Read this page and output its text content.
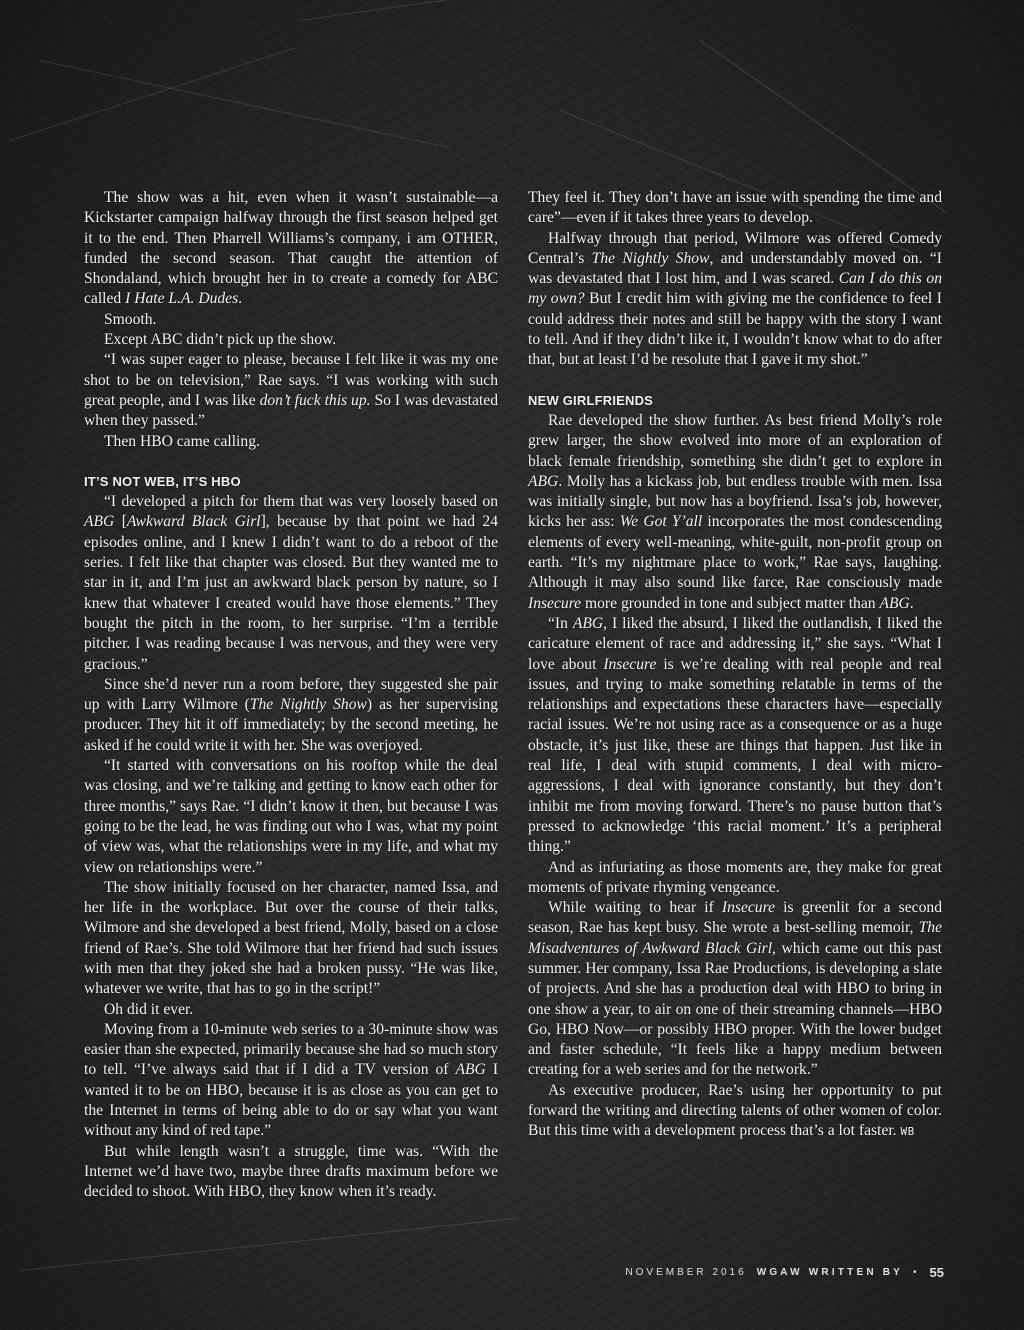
The show was a hit, even when it wasn’t sustainable—a Kickstarter campaign halfway through the first season helped get it to the end. Then Pharrell Williams’s company, i am OTHER, funded the second season. That caught the attention of Shondaland, which brought her in to create a comedy for ABC called I Hate L.A. Dudes.

Smooth.

Except ABC didn’t pick up the show.

“I was super eager to please, because I felt like it was my one shot to be on television,” Rae says. “I was working with such great people, and I was like don’t fuck this up. So I was devastated when they passed.”

Then HBO came calling.

IT’S NOT WEB, IT’S HBO

“I developed a pitch for them that was very loosely based on ABG [Awkward Black Girl], because by that point we had 24 episodes online, and I knew I didn’t want to do a reboot of the series. I felt like that chapter was closed. But they wanted me to star in it, and I’m just an awkward black person by nature, so I knew that whatever I created would have those elements.” They bought the pitch in the room, to her surprise. “I’m a terrible pitcher. I was reading because I was nervous, and they were very gracious.”

Since she’d never run a room before, they suggested she pair up with Larry Wilmore (The Nightly Show) as her supervising producer. They hit it off immediately; by the second meeting, he asked if he could write it with her. She was overjoyed.

“It started with conversations on his rooftop while the deal was closing, and we’re talking and getting to know each other for three months,” says Rae. “I didn’t know it then, but because I was going to be the lead, he was finding out who I was, what my point of view was, what the relationships were in my life, and what my view on relationships were.”

The show initially focused on her character, named Issa, and her life in the workplace. But over the course of their talks, Wilmore and she developed a best friend, Molly, based on a close friend of Rae’s. She told Wilmore that her friend had such issues with men that they joked she had a broken pussy. “He was like, whatever we write, that has to go in the script!”

Oh did it ever.

Moving from a 10-minute web series to a 30-minute show was easier than she expected, primarily because she had so much story to tell. “I’ve always said that if I did a TV version of ABG I wanted it to be on HBO, because it is as close as you can get to the Internet in terms of being able to do or say what you want without any kind of red tape.”

But while length wasn’t a struggle, time was. “With the Internet we’d have two, maybe three drafts maximum before we decided to shoot. With HBO, they know when it’s ready.

They feel it. They don’t have an issue with spending the time and care”—even if it takes three years to develop.

Halfway through that period, Wilmore was offered Comedy Central’s The Nightly Show, and understandably moved on. “I was devastated that I lost him, and I was scared. Can I do this on my own? But I credit him with giving me the confidence to feel I could address their notes and still be happy with the story I want to tell. And if they didn’t like it, I wouldn’t know what to do after that, but at least I’d be resolute that I gave it my shot.”

NEW GIRLFRIENDS

Rae developed the show further. As best friend Molly’s role grew larger, the show evolved into more of an exploration of black female friendship, something she didn’t get to explore in ABG. Molly has a kickass job, but endless trouble with men. Issa was initially single, but now has a boyfriend. Issa’s job, however, kicks her ass: We Got Y’all incorporates the most condescending elements of every well-meaning, white-guilt, non-profit group on earth. “It’s my nightmare place to work,” Rae says, laughing. Although it may also sound like farce, Rae consciously made Insecure more grounded in tone and subject matter than ABG.

“In ABG, I liked the absurd, I liked the outlandish, I liked the caricature element of race and addressing it,” she says. “What I love about Insecure is we’re dealing with real people and real issues, and trying to make something relatable in terms of the relationships and expectations these characters have—especially racial issues. We’re not using race as a consequence or as a huge obstacle, it’s just like, these are things that happen. Just like in real life, I deal with stupid comments, I deal with micro-aggressions, I deal with ignorance constantly, but they don’t inhibit me from moving forward. There’s no pause button that’s pressed to acknowledge ‘this racial moment.’ It’s a peripheral thing.”

And as infuriating as those moments are, they make for great moments of private rhyming vengeance.

While waiting to hear if Insecure is greenlit for a second season, Rae has kept busy. She wrote a best-selling memoir, The Misadventures of Awkward Black Girl, which came out this past summer. Her company, Issa Rae Productions, is developing a slate of projects. And she has a production deal with HBO to bring in one show a year, to air on one of their streaming channels—HBO Go, HBO Now—or possibly HBO proper. With the lower budget and faster schedule, “It feels like a happy medium between creating for a web series and for the network.”

As executive producer, Rae’s using her opportunity to put forward the writing and directing talents of other women of color. But this time with a development process that’s a lot faster. WB

NOVEMBER 2016 WGAW WRITTEN BY • 55
